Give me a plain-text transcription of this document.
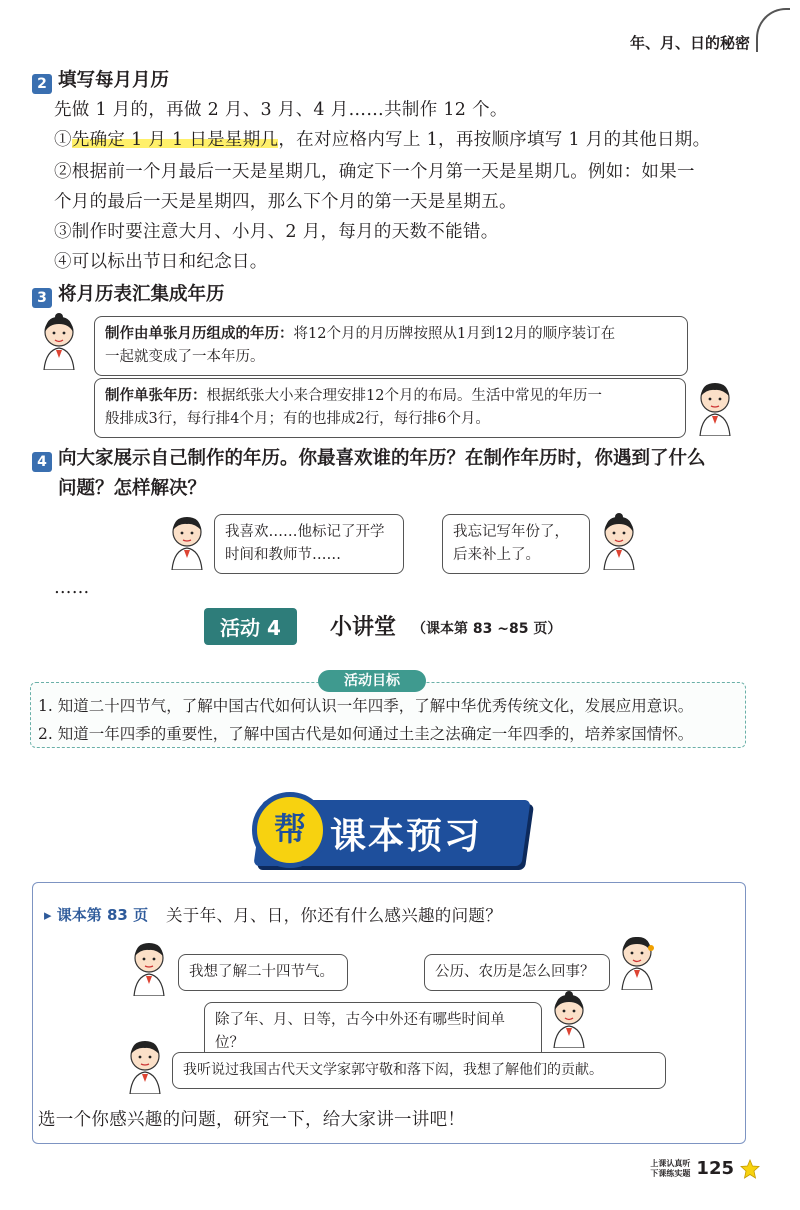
年、月、日的秘密
2 填写每月月历
先做 1 月的，再做 2 月、3 月、4 月……共制作 12 个。
①先确定 1 月 1 日是星期几，在对应格内写上 1，再按顺序填写 1 月的其他日期。
②根据前一个月最后一天是星期几，确定下一个月第一天是星期几。例如：如果一
个月的最后一天是星期四，那么下个月的第一天是星期五。
③制作时要注意大月、小月、2 月，每月的天数不能错。
④可以标出节日和纪念日。
3 将月历表汇集成年历
制作由单张月历组成的年历：将12个月的月历牌按照从1月到12月的顺序装订在
一起就变成了一本年历。
制作单张年历：根据纸张大小来合理安排12个月的布局。生活中常见的年历一
般排成3行，每行排4个月；有的也排成2行，每行排6个月。
4 向大家展示自己制作的年历。你最喜欢谁的年历？在制作年历时，你遇到了什么
问题？怎样解决？
我喜欢……他标记了开学
时间和教师节……
我忘记写年份了，
后来补上了。
……
活动 4	小讲堂 （课本第 83 ~85 页）
活动目标
1. 知道二十四节气，了解中国古代如何认识一年四季，了解中华优秀传统文化，发展应用意识。
2. 知道一年四季的重要性，了解中国古代是如何通过土圭之法确定一年四季的，培养家国情怀。
课本预习
帮
▸ 课本第 83 页 关于年、月、日，你还有什么感兴趣的问题？
我想了解二十四节气。	公历、农历是怎么回事？
除了年、月、日等，古今中外还有哪些时间单位？
我听说过我国古代天文学家郭守敬和落下闳，我想了解他们的贡献。
选一个你感兴趣的问题，研究一下，给大家讲一讲吧！
上课认真听
下课练实题 125
